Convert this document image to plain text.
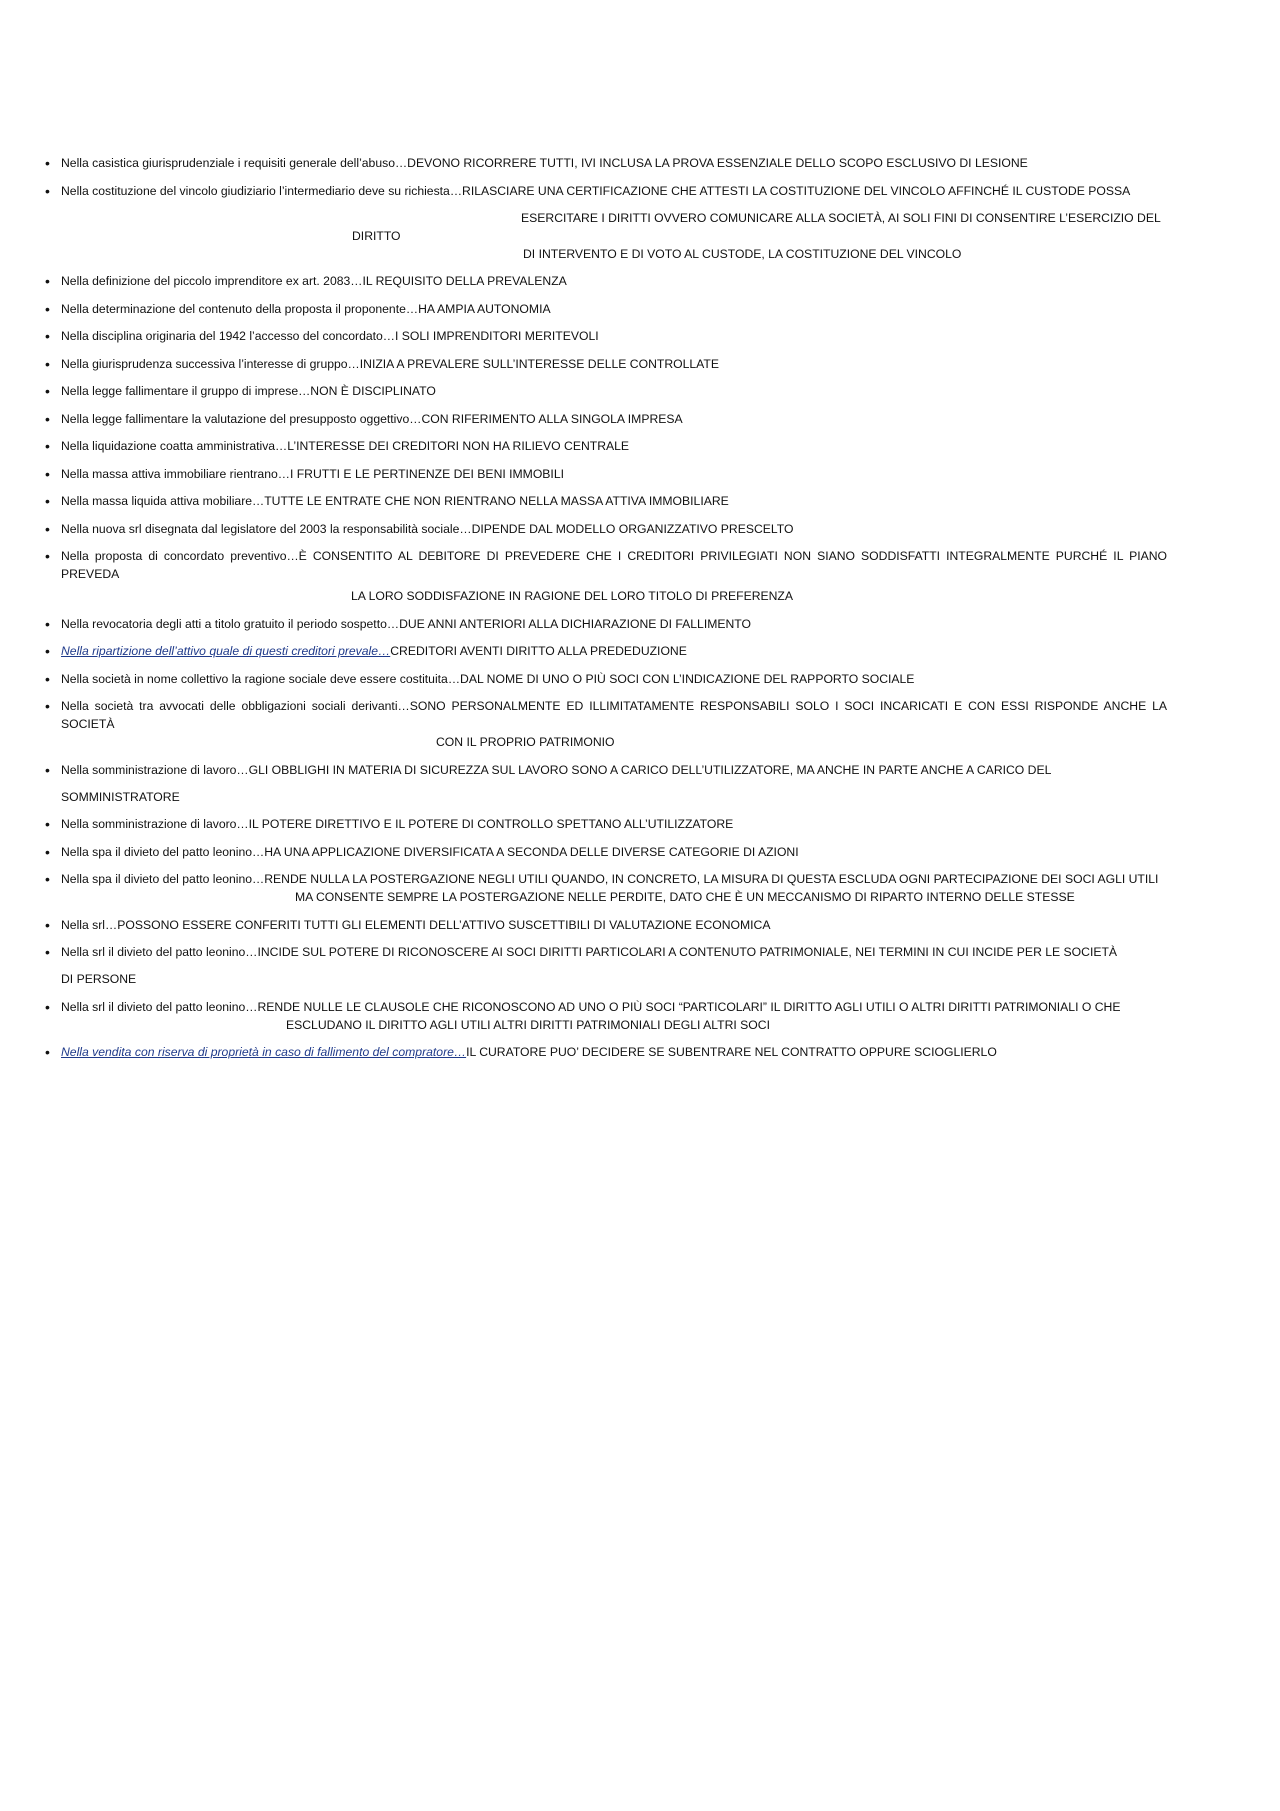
• Nella casistica giurisprudenziale i requisiti generale dell’abuso…DEVONO RICORRERE TUTTI, IVI INCLUSA LA PROVA ESSENZIALE DELLO SCOPO ESCLUSIVO DI LESIONE
• Nella costituzione del vincolo giudiziario l’intermediario deve su richiesta…RILASCIARE UNA CERTIFICAZIONE CHE ATTESTI LA COSTITUZIONE DEL VINCOLO AFFINCHÉ IL CUSTODE POSSA
ESERCITARE I DIRITTI OVVERO COMUNICARE ALLA SOCIETÀ, AI SOLI FINI DI CONSENTIRE L’ESERCIZIO DEL
DIRITTO
DI INTERVENTO E DI VOTO AL CUSTODE, LA COSTITUZIONE DEL VINCOLO
• Nella definizione del piccolo imprenditore ex art. 2083…IL REQUISITO DELLA PREVALENZA
• Nella determinazione del contenuto della proposta il proponente…HA AMPIA AUTONOMIA
• Nella disciplina originaria del 1942 l’accesso del concordato…I SOLI IMPRENDITORI MERITEVOLI
• Nella giurisprudenza successiva l’interesse di gruppo…INIZIA A PREVALERE SULL’INTERESSE DELLE CONTROLLATE
• Nella legge fallimentare il gruppo di imprese…NON È DISCIPLINATO
• Nella legge fallimentare la valutazione del presupposto oggettivo…CON RIFERIMENTO ALLA SINGOLA IMPRESA
• Nella liquidazione coatta amministrativa…L’INTERESSE DEI CREDITORI NON HA RILIEVO CENTRALE
• Nella massa attiva immobiliare rientrano…I FRUTTI E LE PERTINENZE DEI BENI IMMOBILI
• Nella massa liquida attiva mobiliare…TUTTE LE ENTRATE CHE NON RIENTRANO NELLA MASSA ATTIVA IMMOBILIARE
• Nella nuova srl disegnata dal legislatore del 2003 la responsabilità sociale…DIPENDE DAL MODELLO ORGANIZZATIVO PRESCELTO
• Nella proposta di concordato preventivo…È CONSENTITO AL DEBITORE DI PREVEDERE CHE I CREDITORI PRIVILEGIATI NON SIANO SODDISFATTI INTEGRALMENTE PURCHÉ IL PIANO PREVEDA
LA LORO SODDISFAZIONE IN RAGIONE DEL LORO TITOLO DI PREFERENZA
• Nella revocatoria degli atti a titolo gratuito il periodo sospetto…DUE ANNI ANTERIORI ALLA DICHIARAZIONE DI FALLIMENTO
• Nella ripartizione dell’attivo quale di questi creditori prevale…CREDITORI AVENTI DIRITTO ALLA PREDEDUZIONE
• Nella società in nome collettivo la ragione sociale deve essere costituita…DAL NOME DI UNO O PIÙ SOCI CON L’INDICAZIONE DEL RAPPORTO SOCIALE
• Nella società tra avvocati delle obbligazioni sociali derivanti…SONO PERSONALMENTE ED ILLIMITATAMENTE RESPONSABILI SOLO I SOCI INCARICATI E CON ESSI RISPONDE ANCHE LA SOCIETÀ
CON IL PROPRIO PATRIMONIO
• Nella somministrazione di lavoro…GLI OBBLIGHI IN MATERIA DI SICUREZZA SUL LAVORO SONO A CARICO DELL’UTILIZZATORE, MA ANCHE IN PARTE ANCHE A CARICO DEL
SOMMINISTRATORE
• Nella somministrazione di lavoro…IL POTERE DIRETTIVO E IL POTERE DI CONTROLLO SPETTANO ALL’UTILIZZATORE
• Nella spa il divieto del patto leonino…HA UNA APPLICAZIONE DIVERSIFICATA A SECONDA DELLE DIVERSE CATEGORIE DI AZIONI
• Nella spa il divieto del patto leonino…RENDE NULLA LA POSTERGAZIONE NEGLI UTILI QUANDO, IN CONCRETO, LA MISURA DI QUESTA ESCLUDA OGNI PARTECIPAZIONE DEI SOCI AGLI UTILI
MA CONSENTE SEMPRE LA POSTERGAZIONE NELLE PERDITE, DATO CHE È UN MECCANISMO DI RIPARTO INTERNO DELLE STESSE
• Nella srl…POSSONO ESSERE CONFERITI TUTTI GLI ELEMENTI DELL’ATTIVO SUSCETTIBILI DI VALUTAZIONE ECONOMICA
• Nella srl il divieto del patto leonino…INCIDE SUL POTERE DI RICONOSCERE AI SOCI DIRITTI PARTICOLARI A CONTENUTO PATRIMONIALE, NEI TERMINI IN CUI INCIDE PER LE SOCIETÀ
DI PERSONE
• Nella srl il divieto del patto leonino…RENDE NULLE LE CLAUSOLE CHE RICONOSCONO AD UNO O PIÙ SOCI “PARTICOLARI” IL DIRITTO AGLI UTILI O ALTRI DIRITTI PATRIMONIALI O CHE
ESCLUDANO IL DIRITTO AGLI UTILI ALTRI DIRITTI PATRIMONIALI DEGLI ALTRI SOCI
• Nella vendita con riserva di proprietà in caso di fallimento del compratore…IL CURATORE PUO’ DECIDERE SE SUBENTRARE NEL CONTRATTO OPPURE SCIOGLIERLO
